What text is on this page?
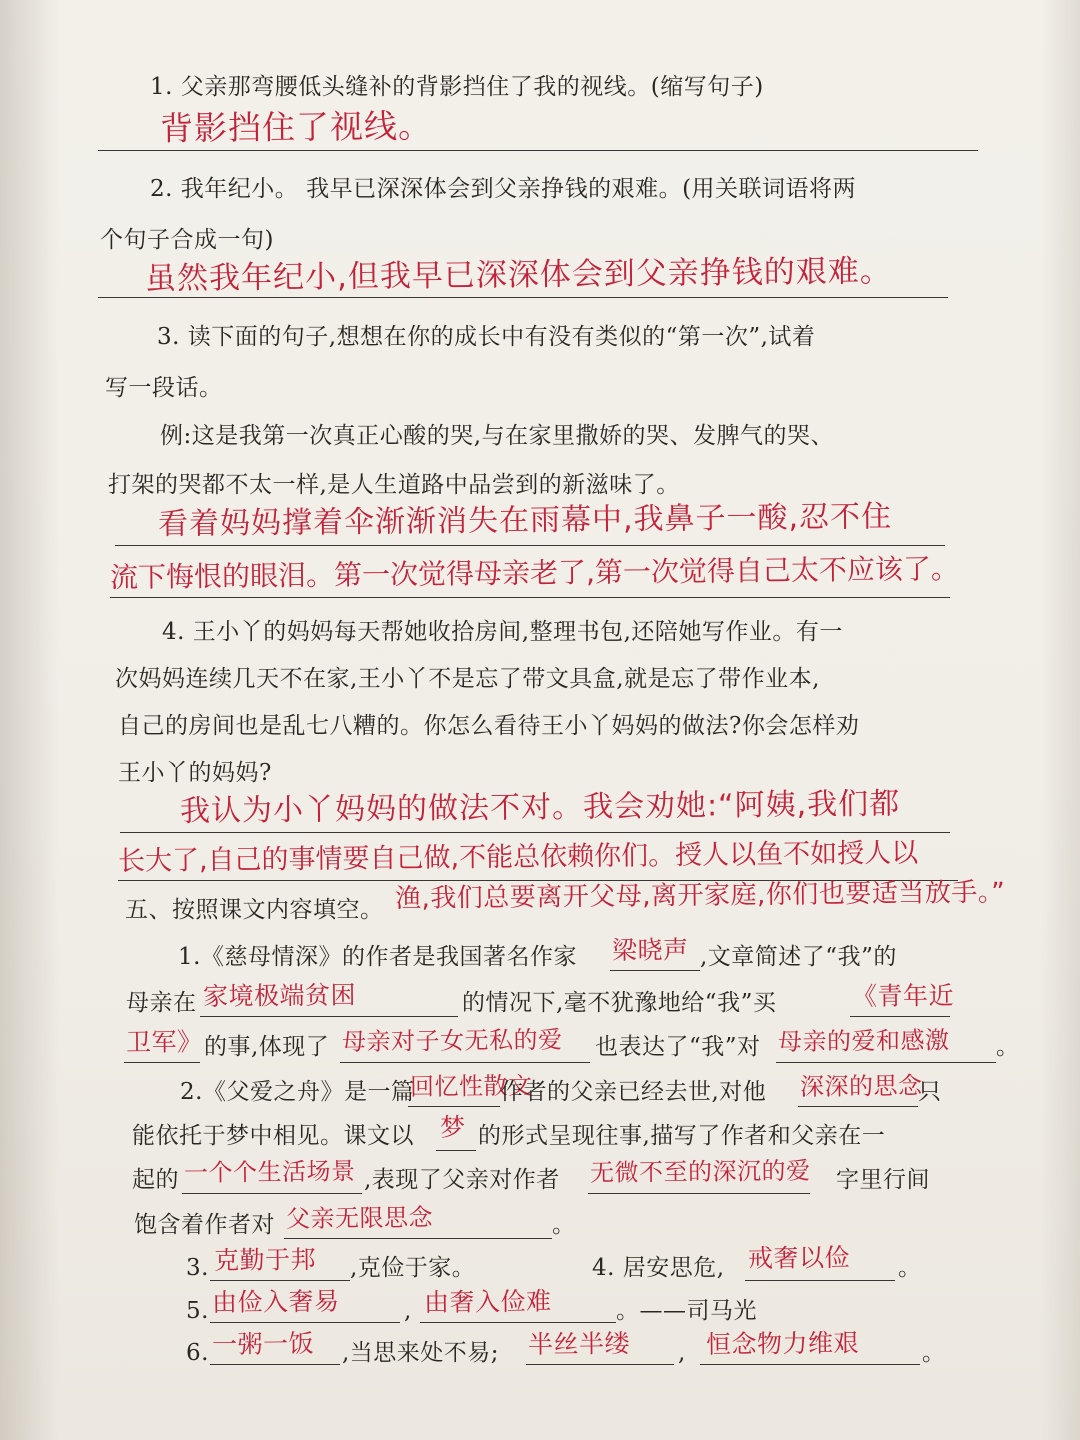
1. 父亲那弯腰低头缝补的背影挡住了我的视线。(缩写句子)
背影挡住了视线。
2. 我年纪小。 我早已深深体会到父亲挣钱的艰难。(用关联词语将两
个句子合成一句)
虽然我年纪小,但我早已深深体会到父亲挣钱的艰难。
3. 读下面的句子,想想在你的成长中有没有类似的“第一次”,试着
写一段话。
例:这是我第一次真正心酸的哭,与在家里撒娇的哭、发脾气的哭、
打架的哭都不太一样,是人生道路中品尝到的新滋味了。
看着妈妈撑着伞渐渐消失在雨幕中,我鼻子一酸,忍不住
流下悔恨的眼泪。第一次觉得母亲老了,第一次觉得自己太不应该了。
4. 王小丫的妈妈每天帮她收拾房间,整理书包,还陪她写作业。有一
次妈妈连续几天不在家,王小丫不是忘了带文具盒,就是忘了带作业本,
自己的房间也是乱七八糟的。你怎么看待王小丫妈妈的做法?你会怎样劝
王小丫的妈妈?
我认为小丫妈妈的做法不对。我会劝她:“阿姨,我们都
长大了,自己的事情要自己做,不能总依赖你们。授人以鱼不如授人以
渔,我们总要离开父母,离开家庭,你们也要适当放手。”
五、按照课文内容填空。
1.《慈母情深》的作者是我国著名作家 梁晓声 ,文章简述了“我”的
母亲在 家境极端贫困	的情况下,毫不犹豫地给“我”买	《青年近
卫军》 的事,体现了 母亲对子女无私的爱 也表达了“我”对 母亲的爱和感激 。
2.《父爱之舟》是一篇
回忆性散文
作者的父亲已经去世,对他 深深的思念
只
能依托于梦中相见。课文以 梦 的形式呈现往事,描写了作者和父亲在一
起的 一个个生活场景 ,表现了父亲对作者 无微不至的深沉的爱 字里行间
饱含着作者对 父亲无限思念	。
3. 克勤于邦 ,克俭于家。	4. 居安思危, 戒奢以俭 。
5. 由俭入奢易	, 由奢入俭难	。——司马光
6. 一粥一饭 ,当思来处不易; 半丝半缕 , 恒念物力维艰	。
